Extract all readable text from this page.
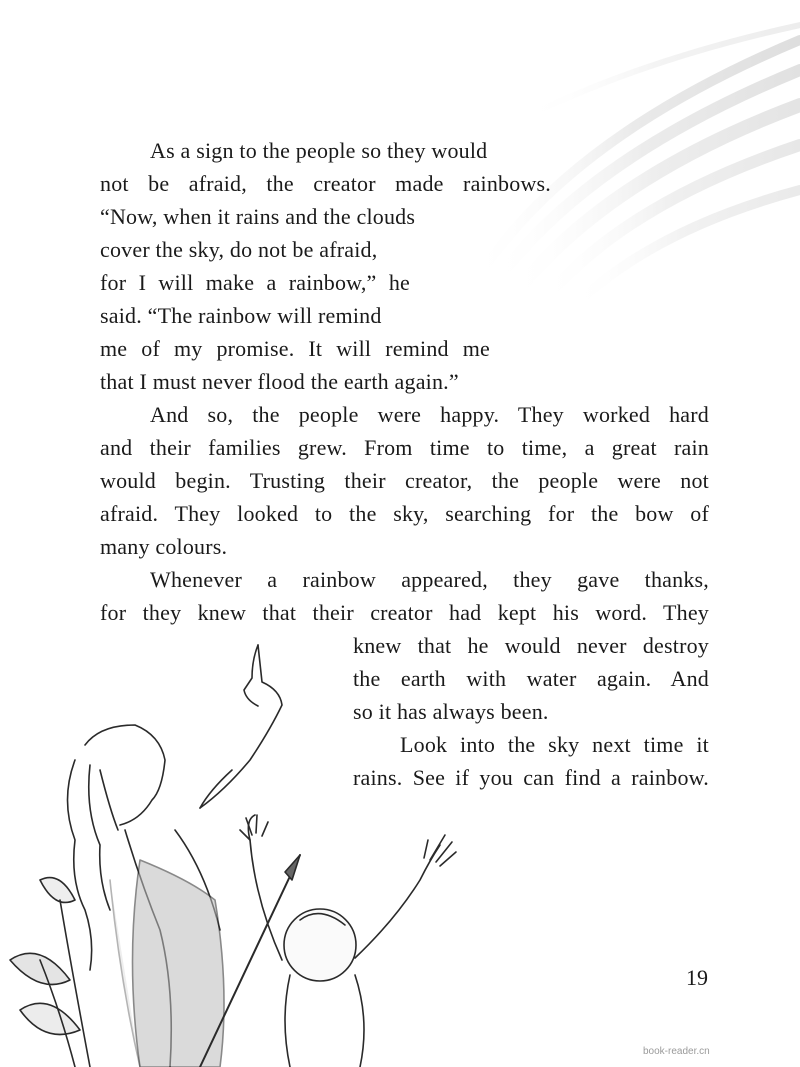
As a sign to the people so they would
not be afraid, the creator made rainbows.
“Now, when it rains and the clouds
cover the sky, do not be afraid,
for I will make a rainbow,” he
said. “The rainbow will remind
me of my promise. It will remind me
that I must never flood the earth again.”
And so, the people were happy. They worked hard
and their families grew. From time to time, a great rain
would begin. Trusting their creator, the people were not
afraid. They looked to the sky, searching for the bow of
many colours.
Whenever a rainbow appeared, they gave thanks,
for they knew that their creator had kept his word. They
knew that he would never destroy
the earth with water again. And
so it has always been.
Look into the sky next time it
rains. See if you can find a rainbow.
19
book-reader.cn
